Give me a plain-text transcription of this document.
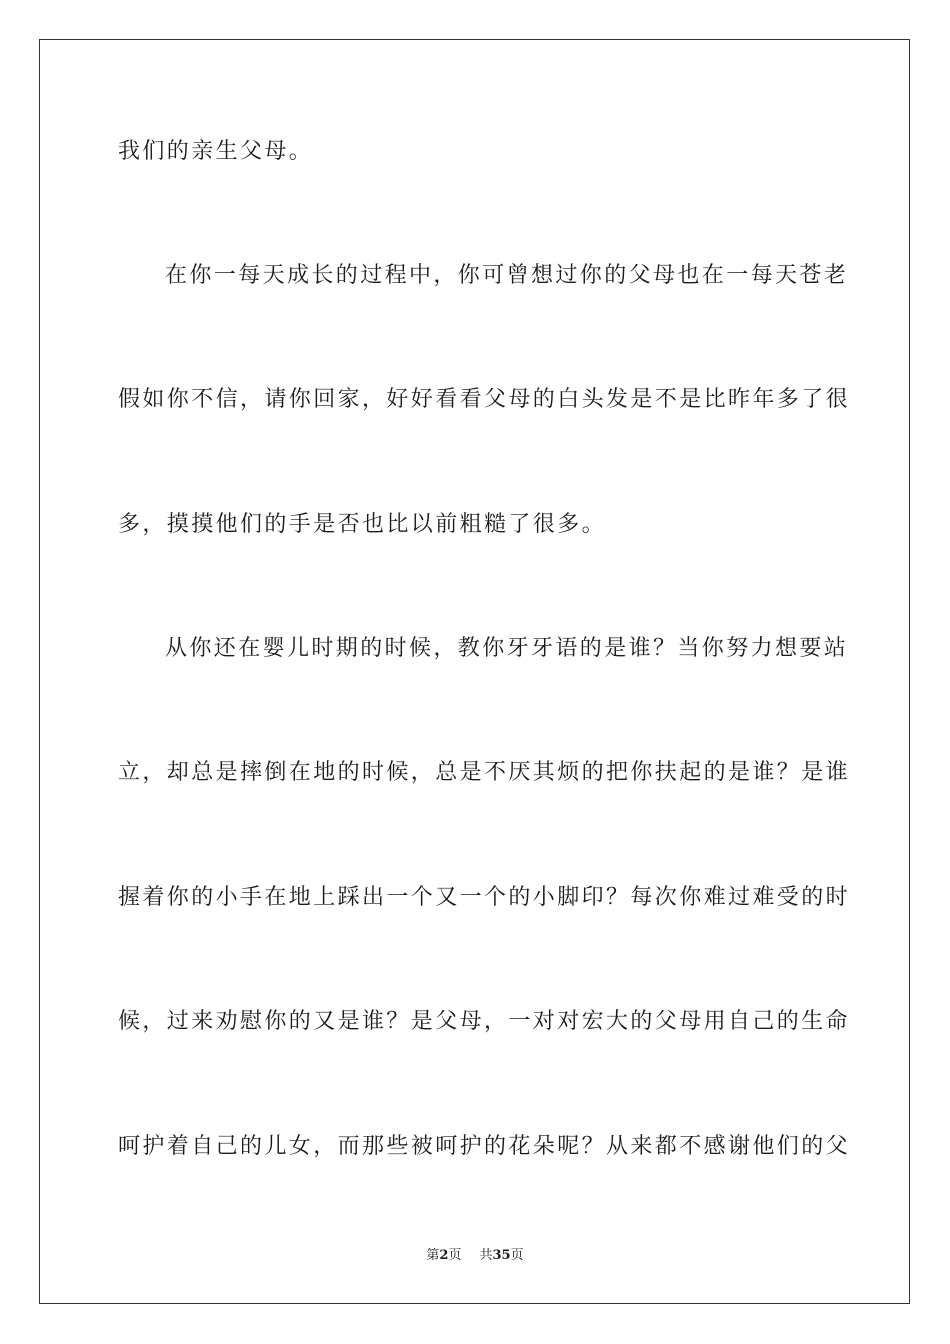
我们的亲生父母。
在你一每天成长的过程中，你可曾想过你的父母也在一每天苍老
假如你不信，请你回家，好好看看父母的白头发是不是比昨年多了很
多，摸摸他们的手是否也比以前粗糙了很多。
从你还在婴儿时期的时候，教你牙牙语的是谁？当你努力想要站
立，却总是摔倒在地的时候，总是不厌其烦的把你扶起的是谁？是谁
握着你的小手在地上踩出一个又一个的小脚印？每次你难过难受的时
候，过来劝慰你的又是谁？是父母，一对对宏大的父母用自己的生命
呵护着自己的儿女，而那些被呵护的花朵呢？从来都不感谢他们的父
第2页 共35页
